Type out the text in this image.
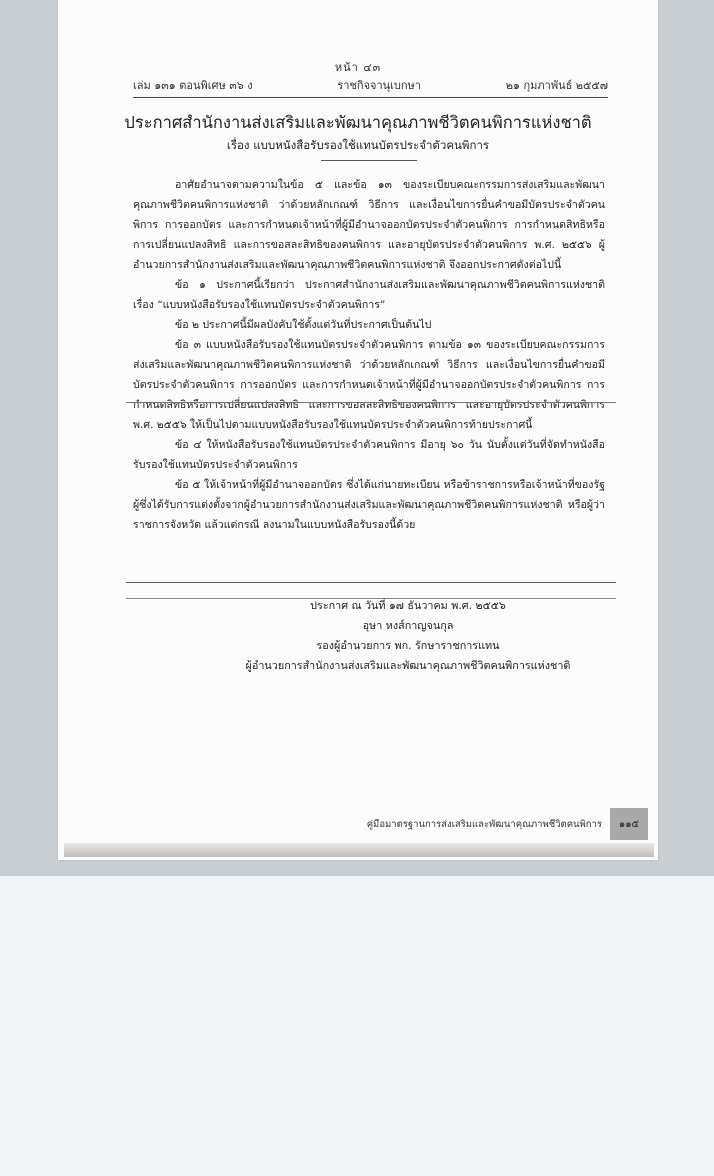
หน้า ๔๓
เล่ม ๑๓๑ ตอนพิเศษ ๓๖ ง	ราชกิจจานุเบกษา	๒๑ กุมภาพันธ์ ๒๕๕๗
ประกาศสำนักงานส่งเสริมและพัฒนาคุณภาพชีวิตคนพิการแห่งชาติ
เรื่อง แบบหนังสือรับรองใช้แทนบัตรประจำตัวคนพิการ

อาศัยอำนาจตามความในข้อ ๕ และข้อ ๑๓ ของระเบียบคณะกรรมการส่งเสริมและพัฒนาคุณภาพชีวิตคนพิการแห่งชาติ ว่าด้วยหลักเกณฑ์ วิธีการ และเงื่อนไขการยื่นคำขอมีบัตรประจำตัวคนพิการ การออกบัตร และการกำหนดเจ้าหน้าที่ผู้มีอำนาจออกบัตรประจำตัวคนพิการ การกำหนดสิทธิหรือการเปลี่ยนแปลงสิทธิ และการขอสละสิทธิของคนพิการ และอายุบัตรประจำตัวคนพิการ พ.ศ. ๒๕๕๖ ผู้อำนวยการสำนักงานส่งเสริมและพัฒนาคุณภาพชีวิตคนพิการแห่งชาติ จึงออกประกาศดังต่อไปนี้

ข้อ ๑ ประกาศนี้เรียกว่า ประกาศสำนักงานส่งเสริมและพัฒนาคุณภาพชีวิตคนพิการแห่งชาติ เรื่อง “แบบหนังสือรับรองใช้แทนบัตรประจำตัวคนพิการ”

ข้อ ๒ ประกาศนี้มีผลบังคับใช้ตั้งแต่วันที่ประกาศเป็นต้นไป

ข้อ ๓ แบบหนังสือรับรองใช้แทนบัตรประจำตัวคนพิการ ตามข้อ ๑๓ ของระเบียบคณะกรรมการส่งเสริมและพัฒนาคุณภาพชีวิตคนพิการแห่งชาติ ว่าด้วยหลักเกณฑ์ วิธีการ และเงื่อนไขการยื่นคำขอมีบัตรประจำตัวคนพิการ การออกบัตร และการกำหนดเจ้าหน้าที่ผู้มีอำนาจออกบัตรประจำตัวคนพิการ การกำหนดสิทธิหรือการเปลี่ยนแปลงสิทธิ และการขอสละสิทธิของคนพิการ และอายุบัตรประจำตัวคนพิการ พ.ศ. ๒๕๕๖ ให้เป็นไปตามแบบหนังสือรับรองใช้แทนบัตรประจำตัวคนพิการท้ายประกาศนี้

ข้อ ๔ ให้หนังสือรับรองใช้แทนบัตรประจำตัวคนพิการ มีอายุ ๖๐ วัน นับตั้งแต่วันที่จัดทำหนังสือรับรองใช้แทนบัตรประจำตัวคนพิการ

ข้อ ๕ ให้เจ้าหน้าที่ผู้มีอำนาจออกบัตร ซึ่งได้แก่นายทะเบียน หรือข้าราชการหรือเจ้าหน้าที่ของรัฐผู้ซึ่งได้รับการแต่งตั้งจากผู้อำนวยการสำนักงานส่งเสริมและพัฒนาคุณภาพชีวิตคนพิการแห่งชาติ หรือผู้ว่าราชการจังหวัด แล้วแต่กรณี ลงนามในแบบหนังสือรับรองนี้ด้วย

ประกาศ ณ วันที่ ๑๗ ธันวาคม พ.ศ. ๒๕๕๖
อุษา หงส์กาญจนกุล
รองผู้อำนวยการ พก. รักษาราชการแทน
ผู้อำนวยการสำนักงานส่งเสริมและพัฒนาคุณภาพชีวิตคนพิการแห่งชาติ
คู่มือมาตรฐานการส่งเสริมและพัฒนาคุณภาพชีวิตคนพิการ	๑๑๕
